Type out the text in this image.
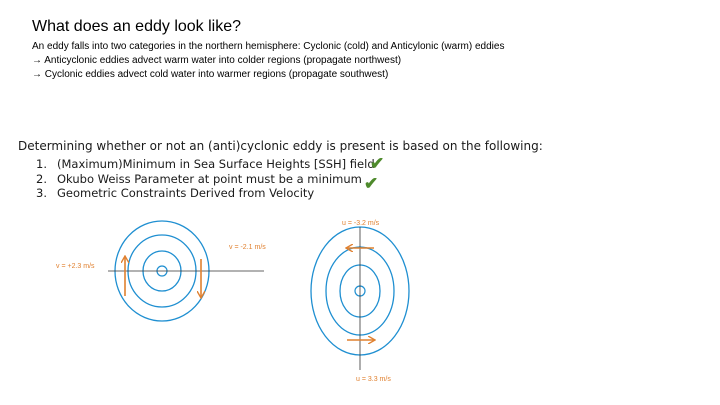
What does an eddy look like?
An eddy falls into two categories in the northern hemisphere: Cyclonic (cold) and Anticylonic (warm) eddies
→ Anticyclonic eddies advect warm water into colder regions (propagate northwest)
→ Cyclonic eddies advect cold water into warmer regions (propagate southwest)
Determining whether or not an (anti)cyclonic eddy is present is based on the following:
1. (Maximum)Minimum in Sea Surface Heights [SSH] field
2. Okubo Weiss Parameter at point must be a minimum
3. Geometric Constraints Derived from Velocity
✔
✔
v = +2.3 m/s
v = -2.1 m/s
u = -3.2 m/s
u = 3.3 m/s
